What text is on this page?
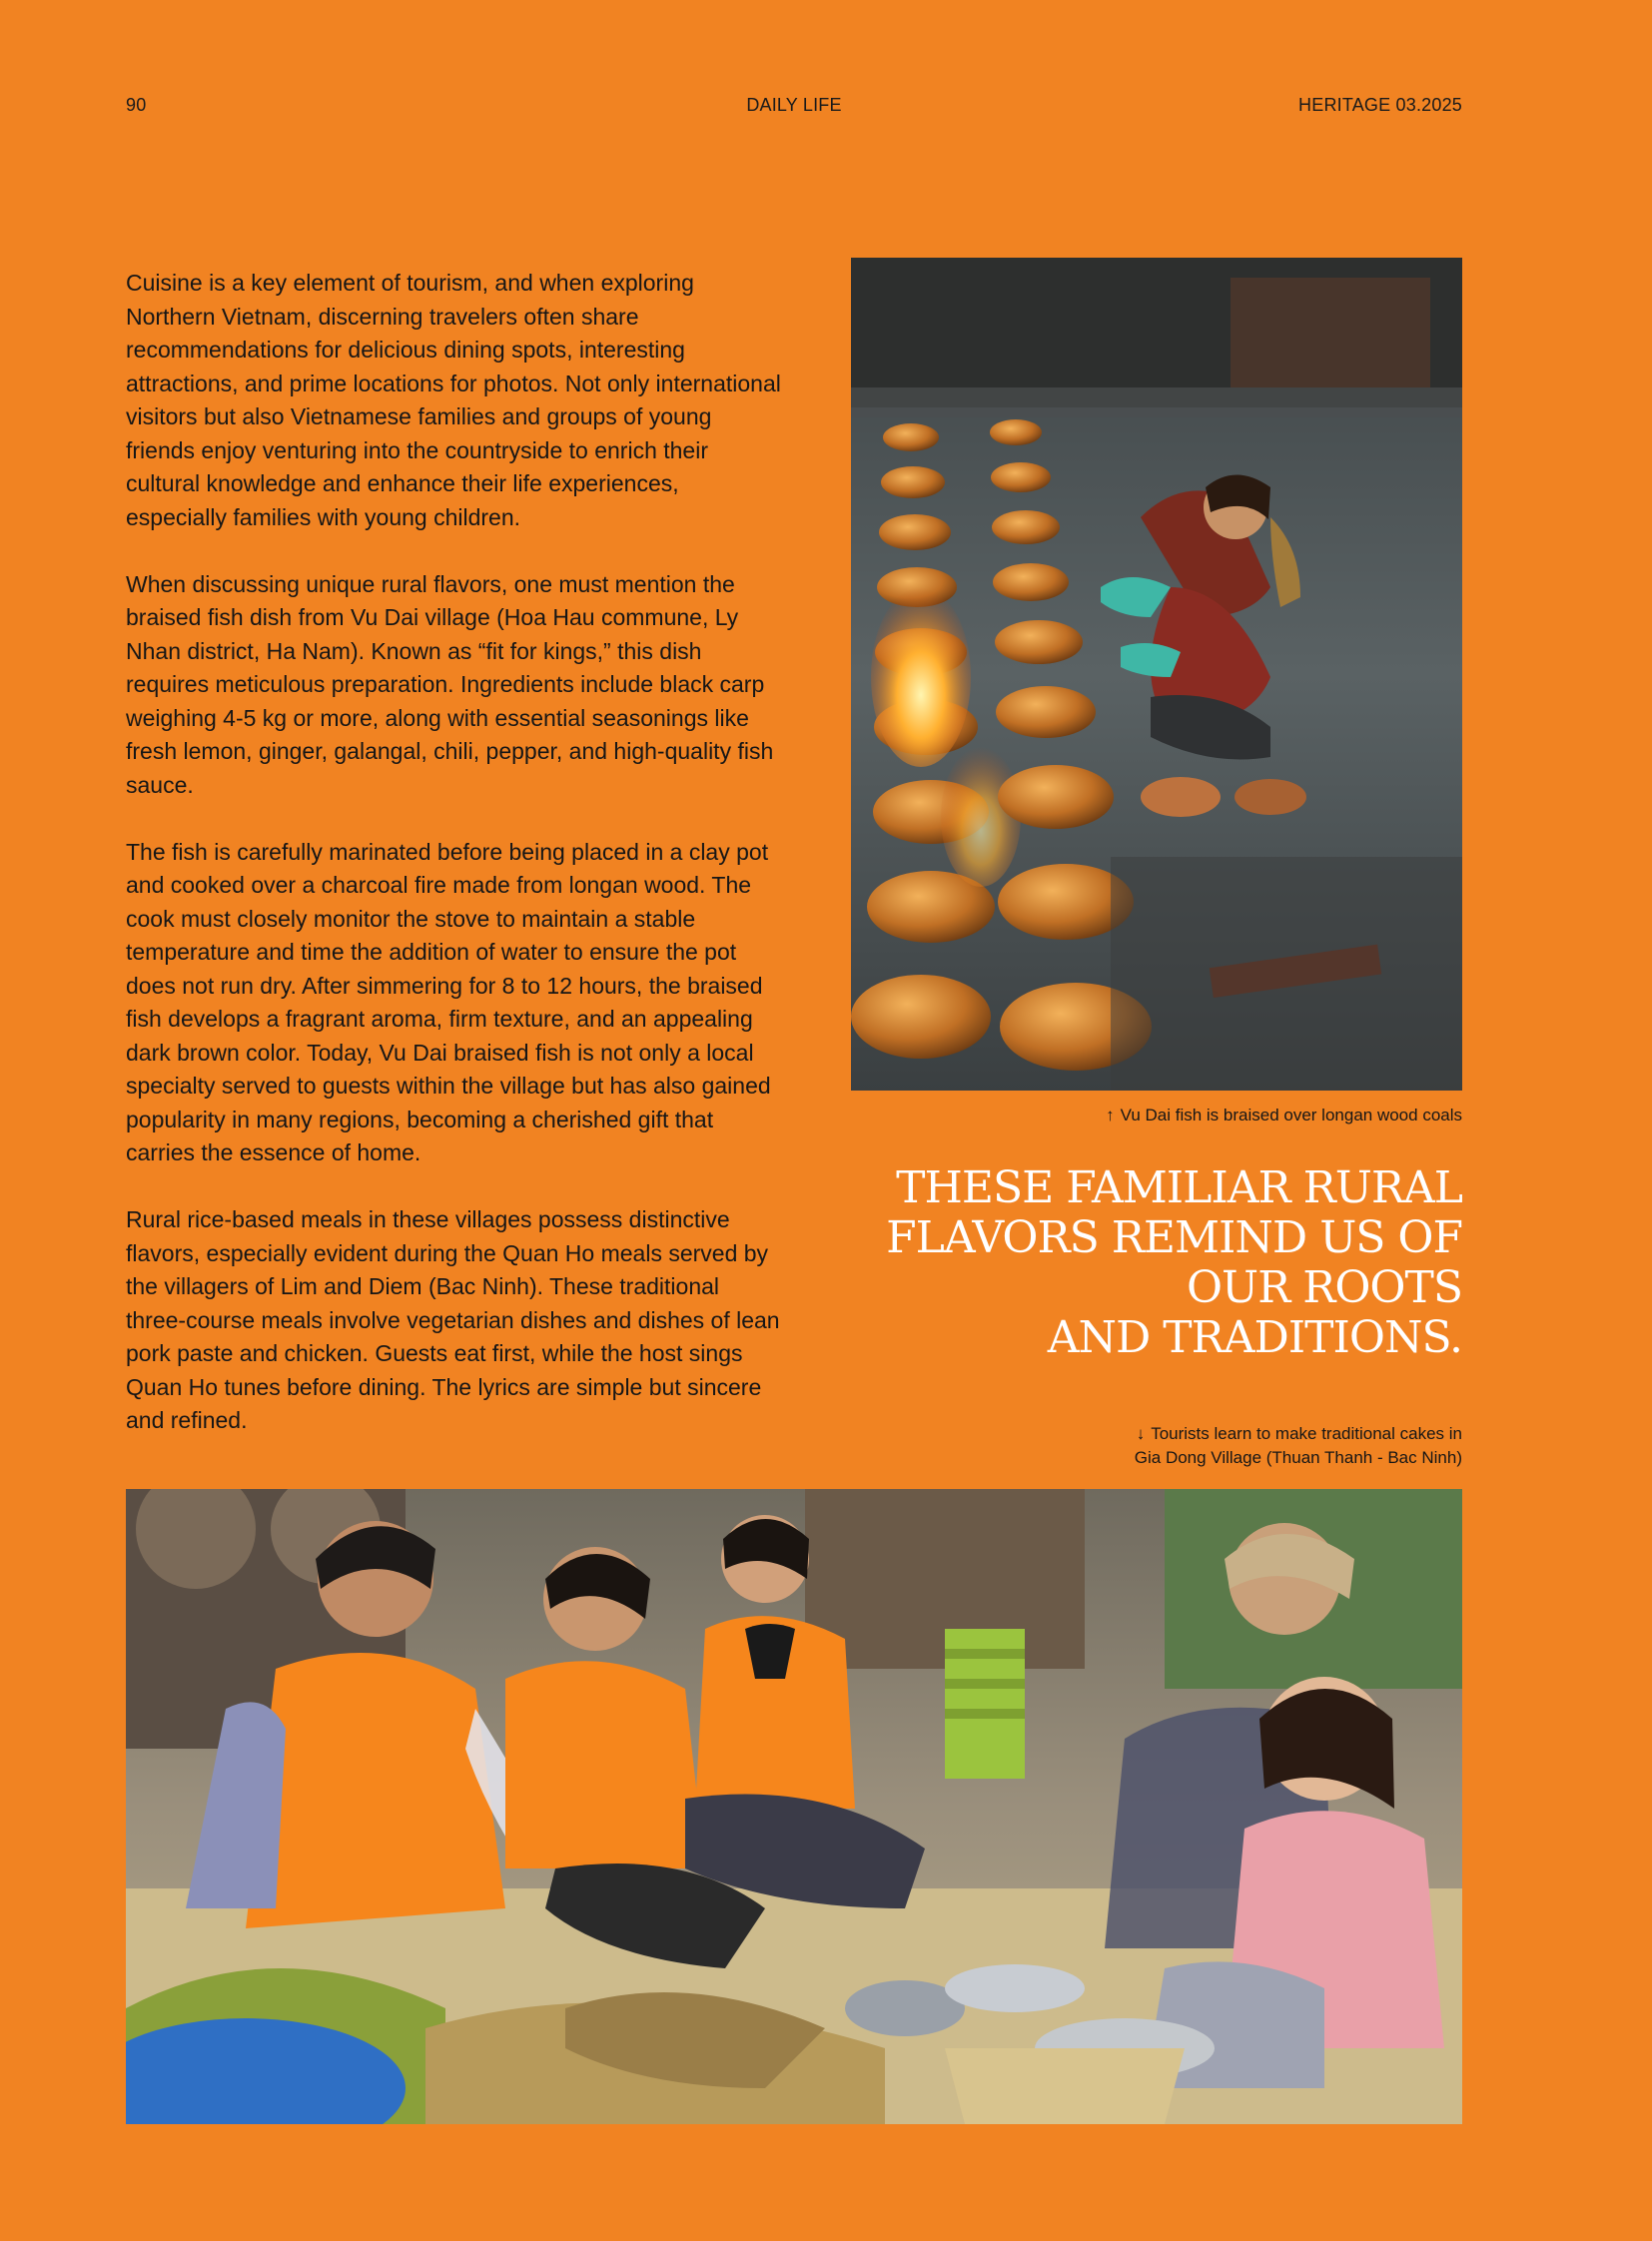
90	DAILY LIFE	HERITAGE 03.2025

Cuisine is a key element of tourism, and when exploring Northern Vietnam, discerning travelers often share recommendations for delicious dining spots, interesting attractions, and prime locations for photos. Not only international visitors but also Vietnamese families and groups of young friends enjoy venturing into the countryside to enrich their cultural knowledge and enhance their life experiences, especially families with young children.

When discussing unique rural flavors, one must mention the braised fish dish from Vu Dai village (Hoa Hau commune, Ly Nhan district, Ha Nam). Known as “fit for kings,” this dish requires meticulous preparation. Ingredients include black carp weighing 4-5 kg or more, along with essential seasonings like fresh lemon, ginger, galangal, chili, pepper, and high-quality fish sauce.

The fish is carefully marinated before being placed in a clay pot and cooked over a charcoal fire made from longan wood. The cook must closely monitor the stove to maintain a stable temperature and time the addition of water to ensure the pot does not run dry. After simmering for 8 to 12 hours, the braised fish develops a fragrant aroma, firm texture, and an appealing dark brown color. Today, Vu Dai braised fish is not only a local specialty served to guests within the village but has also gained popularity in many regions, becoming a cherished gift that carries the essence of home.

Rural rice-based meals in these villages possess distinctive flavors, especially evident during the Quan Ho meals served by the villagers of Lim and Diem (Bac Ninh). These traditional three-course meals involve vegetarian dishes and dishes of lean pork paste and chicken. Guests eat first, while the host sings Quan Ho tunes before dining. The lyrics are simple but sincere and refined.

↑ Vu Dai fish is braised over longan wood coals
THESE FAMILIAR RURAL
FLAVORS REMIND US OF
OUR ROOTS
AND TRADITIONS.
↓ Tourists learn to make traditional cakes in
Gia Dong Village (Thuan Thanh - Bac Ninh)
